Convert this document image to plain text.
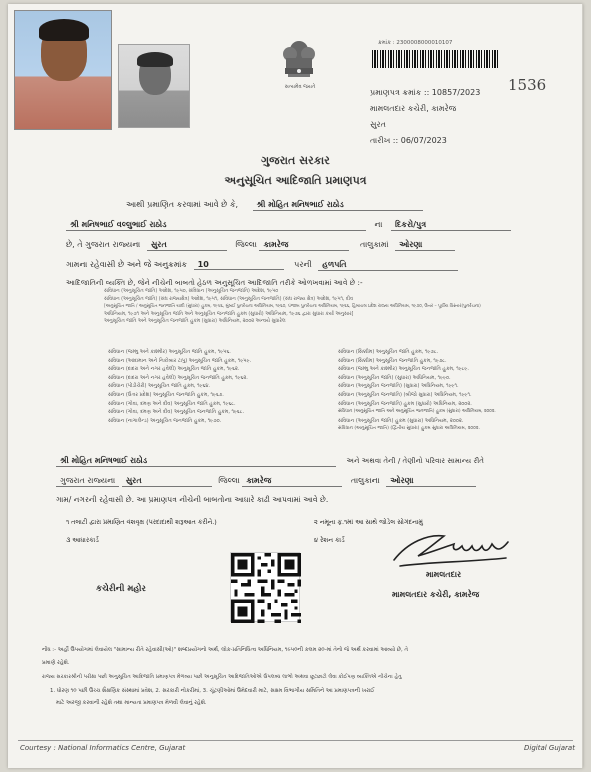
સત્યમેવ જયતે
ક્રમાંક : 2300008000010107
પ્રમાણપત્ર ક્રમાંક :: 10857/2023
મામલતદાર કચેરી, કામરેજ
સુરત
તારીખ :: 06/07/2023
1536
ગુજરાત સરકાર
અનુસૂચિત આદિજાતિ પ્રમાણપત્ર
આથી પ્રમાણિત કરવામાં આવે છે કે, શ્રી મોહિત મનિષભાઈ રાઠોડ
શ્રી મનિષભાઈ વલ્લુભાઈ રાઠોડ	ના દિકરો/પુત્ર
છે, તે ગુજરાત રાજ્યના સુરત	જિલ્લા કામરેજ	તાલુકામાં ઓરણા
ગામના રહેવાસી છે અને જે અનુક્રમાંક 10	પરની હળપતિ
આદિજાતિની વ્યક્તિ છે, જેને નીચેની બાબતો હેઠળ અનુસૂચિત આદિજાતિ તરીકે ઓળખવામાં આવે છે :-
સંવિધાન (અનુસૂચિત જાતિ) આદેશ, ૧૯૫૦, સંવિધાન (અનુસૂચિત જનજાતિ) આદેશ, ૧૯૫૦
સંવિધાન (અનુસૂચિત જાતિ) (સંઘ રાજ્યક્ષેત્ર) આદેશ, ૧૯૫૧, સંવિધાન (અનુસૂચિત જનજાતિ) (સંઘ રાજ્ય ક્ષેત્ર) આદેશ, ૧૯૫૧, દીવ
[અનુસૂચિત જાતિ / અનુસૂચિત જનજાતિ યાદી (સુધારા) હુકમ, ૧૯૫૬, મુંબઈ પુનર્રચના અધિનિયમ, ૧૯૬૦, પંજાબ પુનર્રચના અધિનિયમ, ૧૯૬૬, હિમાચલ પ્રદેશ રાજ્ય અધિનિયમ, ૧૯૭૦, ઉત્તર – પૂર્વીય વિસ્તાર(પુનર્રચના)
અધિનિયમ, ૧૯૭૧ અને અનુસૂચિત જાતિ અને અનુસૂચિત જનજાતિ હુકમ (સુધારો) અધિનિયમ, ૧૯૭૬ દ્વારા સુધારા કર્યા અનુસાર]
અનુસૂચિત જાતિ અને અનુસૂચિત જનજાતિ હુકમ (સુધારા) અધિનિયમ, ૨૦૦૨ અન્વયે સુધારેલ
સંવિધાન (જમ્મુ અને કાશ્મીર) અનુસૂચિત જાતિ હુકમ, ૧૯૫૬.
સંવિધાન (આંદામાન અને નિકોબાર ટાપુ) અનુસૂચિત જાતિ હુકમ, ૧૯૫૯.
સંવિધાન (દાદરા અને નગર હવેલી) અનુસૂચિત જાતિ હુકમ, ૧૯૬૨.
સંવિધાન (દાદરા અને નગર હવેલી) અનુસૂચિત જનજાતિ હુકમ, ૧૯૬૨.
સંવિધાન (પોંડીચેરી) અનુસૂચિત જાતિ હુકમ, ૧૯૬૪.
સંવિધાન (ઉત્તર પ્રદેશ) અનુસૂચિત જનજાતિ હુકમ, ૧૯૬૭.
સંવિધાન (ગોવા, દમણ અને દીવ) અનુસૂચિત જાતિ હુકમ, ૧૯૬૮.
સંવિધાન (ગોવા, દમણ અને દીવ) અનુસૂચિત જનજાતિ હુકમ, ૧૯૬૮.
સંવિધાન (નાગાલેન્ડ) અનુસૂચિત જનજાતિ હુકમ, ૧૯૭૦.
સંવિધાન (સિક્કીમ) અનુસૂચિત જાતિ હુકમ, ૧૯૭૮.
સંવિધાન (સિક્કીમ) અનુસૂચિત જનજાતિ હુકમ, ૧૯૭૮.
સંવિધાન (જમ્મુ અને કાશ્મીર) અનુસૂચિત જનજાતિ હુકમ, ૧૯૮૯.
સંવિધાન (અનુસૂચિત જાતિ) (સુધારા) અધિનિયમ, ૧૯૯૦.
સંવિધાન (અનુસૂચિત જનજાતિ) (સુધારા) અધિનિયમ, ૧૯૯૧.
સંવિધાન (અનુસૂચિત જનજાતિ) (બીજો સુધારા) અધિનિયમ, ૧૯૯૧.
સંવિધાન (અનુસૂચિત જનજાતિ) હુકમ (સુધારો) અધિનિયમ, ૨૦૦૨.
સંવિધાન (અનુસૂચિત જાતિ અને અનુસૂચિત જનજાતિ) હુકમ (સુધારા) અધિનિયમ, ૨૦૦૨.
સંવિધાન (અનુસૂચિત જાતિ) હુકમ (સુધારા) અધિનિયમ, ૨૦૦૨.
સંવિધાન (અનુસૂચિત જાતિ) (દ્વિતીય સુધારા) હુકમ સુધારા અધિનિયમ, ૨૦૦૨.
શ્રી મોહિત મનિષભાઈ રાઠોડ	અને અથવા તેની / તેણીનો પરિવાર સામાન્ય રીતે
ગુજરાત રાજ્યના સુરત	જિલ્લા કામરેજ	તાલુકાના ઓરણા
ગામ/ નગરની રહેવાસી છે. આ પ્રમાણપત્ર નીચેની બાબતોના આધારે કાઢી આપવામાં આવે છે.
૧ તલાટી દ્વારા પ્રમાણિત વંશવૃક્ષ (પરદાદાથી શરૂઆત કરીને.)	૨ નમૂના ફ.૧માં આ સાથે જોડેલ સોગંદનામું
૩ આધારકાર્ડ	૪ રેશન કાર્ડ
કચેરીની મહોર
મામલતદાર
મામલતદાર કચેરી, કામરેજ
નોંધ :- અહીં ઉપયોગમાં લેવાયેલ "સામાન્ય રીતે રહેવાસી(ઓ)" શબ્દપ્રયોગનો અર્થ, લોક-પ્રતિનિધિત્વ અધિનિયમ, ૧૯૫૦ની કલમ ૨૦-માં તેનો જે અર્થ કરવામાં આવ્યો છે, તે
પ્રમાણે રહેશે.
રાજ્ય સરકારશ્રીની પરીક્ષા પછી અનુસૂચિત આદિજાતિ પ્રમાણપત્ર મેળવ્યા પછી અનુસૂચિત આદિજાતિઓએ ઉપલબ્ધ લાભો અથવા છૂટછાટો લેવા કોઈપણ વ્યક્તિએ નીચેના હેતુ
1. ધોરણ ૧૦ પછી ઉચ્ચ શૈક્ષણિક સંસ્થામાં પ્રવેશ, 2. સરકારી નોકરીમાં, 3. ચૂંટણીઓમાં ઉમેદવારી માટે, સક્ષમ વિભાગીય સમિતિને આ પ્રમાણપત્રની ખરાઈ
માટે અરજી કરવાની રહેશે તથા માન્યતા પ્રમાણપત્ર મેળવી લેવાનું રહેશે.
Courtesy : National Informatics Centre, Gujarat	Digital Gujarat
